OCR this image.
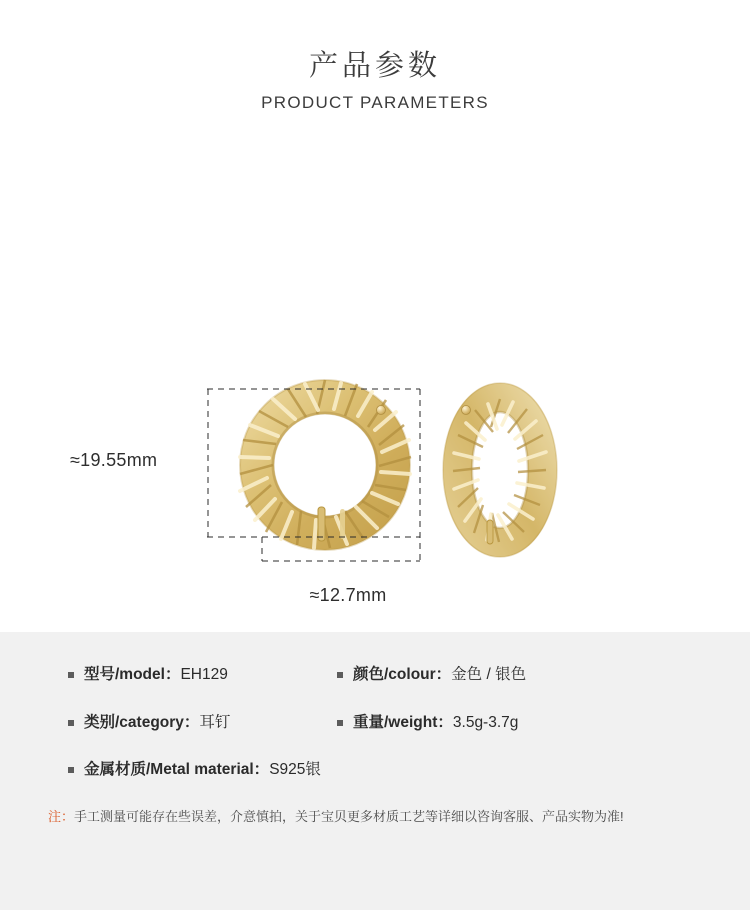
产品参数
PRODUCT PARAMETERS
≈19.55mm
≈12.7mm
型号/model：EH129	颜色/colour：金色 / 银色
类别/category：耳钉	重量/weight：3.5g-3.7g
金属材质/Metal material：S925银
注：手工测量可能存在些误差，介意慎拍，关于宝贝更多材质工艺等详细以咨询客服、产品实物为准!
